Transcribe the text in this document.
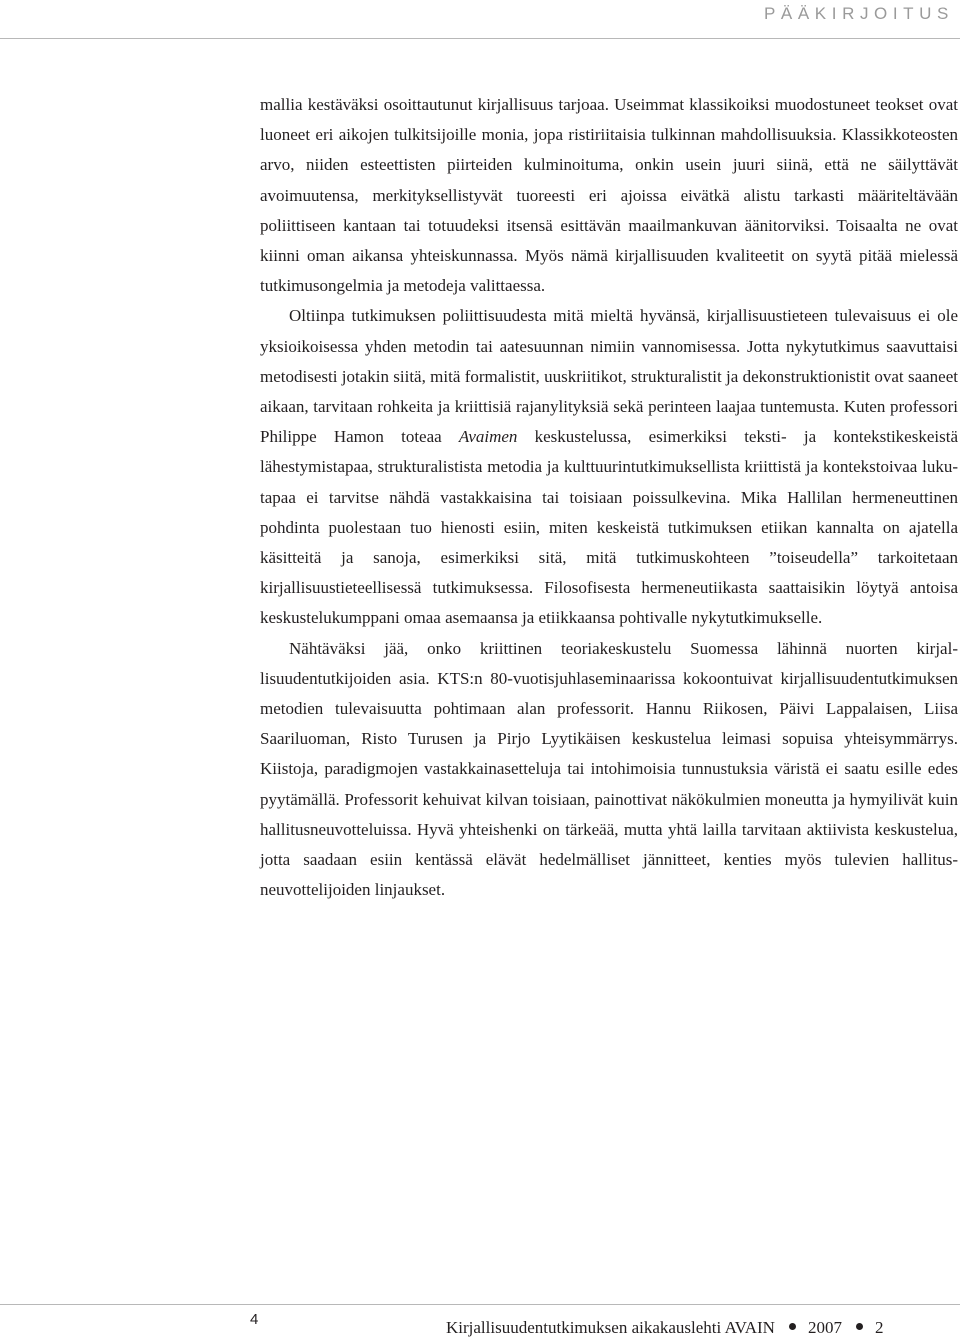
PÄÄKIRJOITUS

mallia kestäväksi osoittautunut kirjallisuus tarjoaa. Useimmat klassikoiksi muodostuneet teokset ovat luoneet eri aikojen tulkitsijoille monia, jopa ristiriitaisia tulkinnan mahdollisuuksia. Klassikkoteosten arvo, niiden esteettisten piirteiden kulminoituma, onkin usein juuri siinä, että ne säilyttävät avoimuutensa, merkityksellistyvät tuoreesti eri ajoissa eivätkä alistu tarkasti määriteltävään poliittiseen kantaan tai totuudeksi itsensä esittävän maailmankuvan äänitorviksi. Toisaalta ne ovat kiinni oman aikansa yhteiskunnassa. Myös nämä kirjallisuuden kvaliteetit on syytä pitää mielessä tutkimusongelmia ja metodeja valittaessa.

Oltiinpa tutkimuksen poliittisuudesta mitä mieltä hyvänsä, kirjallisuustieteen tulevaisuus ei ole yksioikoisessa yhden metodin tai aatesuunnan nimiin vannomisessa. Jotta nykytutkimus saavuttaisi metodisesti jotakin siitä, mitä formalistit, uuskriitikot, strukturalistit ja dekonstruktionistit ovat saaneet aikaan, tarvitaan rohkeita ja kriittisiä rajanylityksiä sekä perinteen laajaa tuntemusta. Kuten professori Philippe Hamon toteaa Avaimen keskustelussa, esimerkiksi teksti- ja kontekstikeskeistä lähestymistapaa, strukturalistista metodia ja kulttuurintutkimuksellista kriittistä ja kontekstoivaa lukutapaa ei tarvitse nähdä vastakkaisina tai toisiaan poissulkevina. Mika Hallilan hermeneuttinen pohdinta puolestaan tuo hienosti esiin, miten keskeistä tutkimuksen etiikan kannalta on ajatella käsitteitä ja sanoja, esimerkiksi sitä, mitä tutkimuskohteen ”toiseudella” tarkoitetaan kirjallisuustieteellisessä tutkimuksessa. Filosofisesta hermeneutiikasta saattaisikin löytyä antoisa keskustelukumppani omaa asemaansa ja etiikkaansa pohtivalle nykytutkimukselle.

Nähtäväksi jää, onko kriittinen teoriakeskustelu Suomessa lähinnä nuorten kirjallisuudentutkijoiden asia. KTS:n 80-vuotisjuhlaseminaarissa kokoontuivat kirjallisuudentutkimuksen metodien tulevaisuutta pohtimaan alan professorit. Hannu Riikosen, Päivi Lappalaisen, Liisa Saariluoman, Risto Turusen ja Pirjo Lyytikäisen keskustelua leimasi sopuisa yhteisymmärrys. Kiistoja, paradigmojen vastakkainasetteluja tai intohimoisia tunnustuksia väristä ei saatu esille edes pyytämällä. Professorit kehuivat kilvan toisiaan, painottivat näkökulmien moneutta ja hymyilivät kuin hallitusneuvotteluissa. Hyvä yhteishenki on tärkeää, mutta yhtä lailla tarvitaan aktiivista keskustelua, jotta saadaan esiin kentässä elävät hedelmälliset jännitteet, kenties myös tulevien hallitusneuvottelijoiden linjaukset.

4	Kirjallisuudentutkimuksen aikakauslehti AVAIN 2007 2
